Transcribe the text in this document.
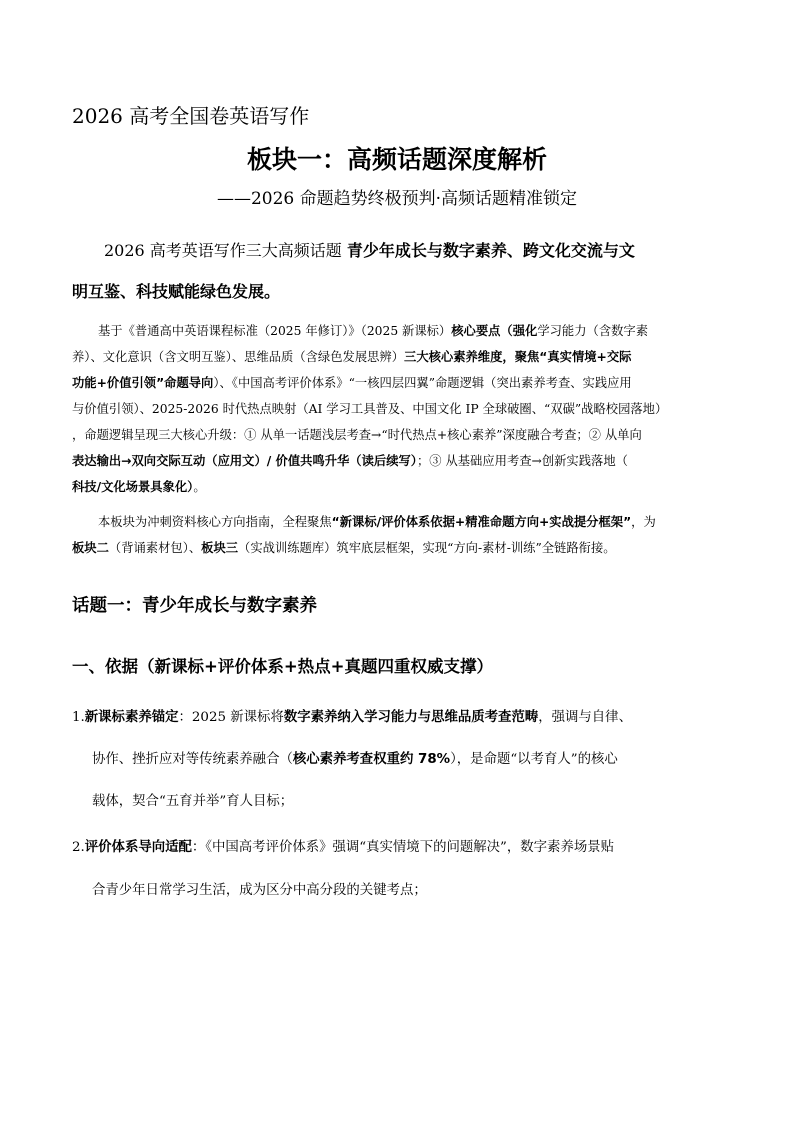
2026 高考全国卷英语写作
板块一：高频话题深度解析
——2026 命题趋势终极预判·高频话题精准锁定
2026 高考英语写作三大高频话题 青少年成长与数字素养、跨文化交流与文
明互鉴、科技赋能绿色发展。
基于《普通高中英语课程标准（2025 年修订）》（2025 新课标）核心要点（强化学习能力（含数字素
养）、文化意识（含文明互鉴）、思维品质（含绿色发展思辨）三大核心素养维度，聚焦“真实情境+交际
功能+价值引领”命题导向）、《中国高考评价体系》“一核四层四翼”命题逻辑（突出素养考查、实践应用
与价值引领）、2025-2026 时代热点映射（AI 学习工具普及、中国文化 IP 全球破圈、“双碳”战略校园落地）
，命题逻辑呈现三大核心升级：① 从单一话题浅层考查→“时代热点+核心素养”深度融合考查；② 从单向
表达输出→双向交际互动（应用文）/ 价值共鸣升华（读后续写）；③ 从基础应用考查→创新实践落地（
科技/文化场景具象化）。
本板块为冲刺资料核心方向指南，全程聚焦“新课标/评价体系依据+精准命题方向+实战提分框架”，为
板块二（背诵素材包）、板块三（实战训练题库）筑牢底层框架，实现“方向-素材-训练”全链路衔接。
话题一：青少年成长与数字素养
一、依据（新课标+评价体系+热点+真题四重权威支撑）
1.新课标素养锚定：2025 新课标将数字素养纳入学习能力与思维品质考查范畴，强调与自律、
协作、挫折应对等传统素养融合（核心素养考查权重约 78%），是命题“以考育人”的核心
载体，契合“五育并举”育人目标；
2.评价体系导向适配：《中国高考评价体系》强调“真实情境下的问题解决”，数字素养场景贴
合青少年日常学习生活，成为区分中高分段的关键考点；
